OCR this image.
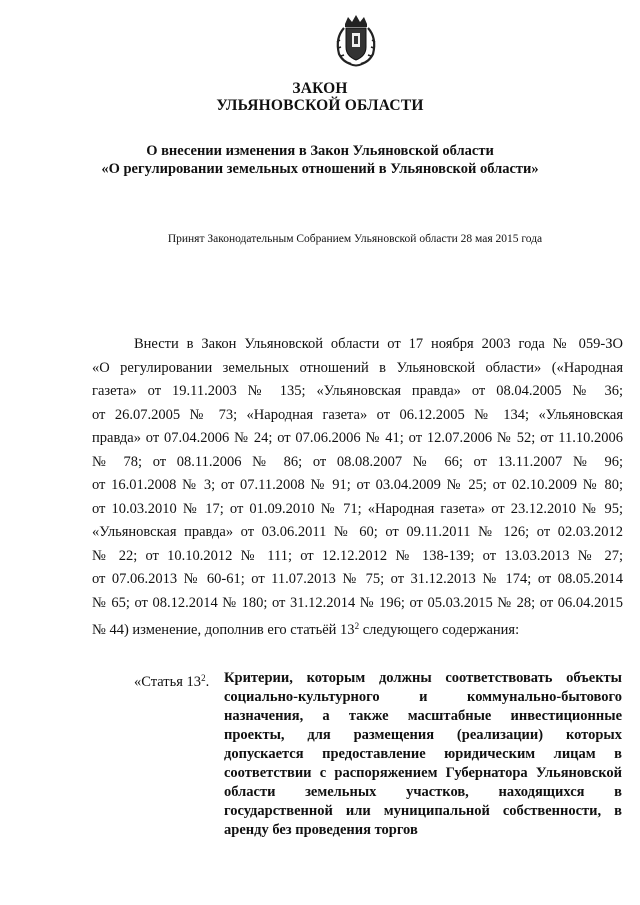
ЗАКОН
УЛЬЯНОВСКОЙ ОБЛАСТИ
О внесении изменения в Закон Ульяновской области
«О регулировании земельных отношений в Ульяновской области»
Принят Законодательным Собранием Ульяновской области 28 мая 2015 года
Внести в Закон Ульяновской области от 17 ноября 2003 года № 059-ЗО
«О регулировании земельных отношений в Ульяновской области» («Народная
газета» от 19.11.2003 № 135; «Ульяновская правда» от 08.04.2005 № 36;
от 26.07.2005 № 73; «Народная газета» от 06.12.2005 № 134; «Ульяновская
правда» от 07.04.2006 № 24; от 07.06.2006 № 41; от 12.07.2006 № 52; от 11.10.2006
№ 78; от 08.11.2006 № 86; от 08.08.2007 № 66; от 13.11.2007 № 96;
от 16.01.2008 № 3; от 07.11.2008 № 91; от 03.04.2009 № 25; от 02.10.2009 № 80;
от 10.03.2010 № 17; от 01.09.2010 № 71; «Народная газета» от 23.12.2010 № 95;
«Ульяновская правда» от 03.06.2011 № 60; от 09.11.2011 № 126; от 02.03.2012
№ 22; от 10.10.2012 № 111; от 12.12.2012 № 138-139; от 13.03.2013 № 27;
от 07.06.2013 № 60-61; от 11.07.2013 № 75; от 31.12.2013 № 174; от 08.05.2014
№ 65; от 08.12.2014 № 180; от 31.12.2014 № 196; от 05.03.2015 № 28; от 06.04.2015
№ 44) изменение, дополнив его статьёй $13^2$ следующего содержания:
«Статья $13^2$. Критерии, которым должны соответствовать объекты
социально-культурного и коммунально-бытового
назначения, а также масштабные инвестиционные
проекты, для размещения (реализации) которых
допускается предоставление юридическим лицам в
соответствии с распоряжением Губернатора Ульяновской
области земельных участков, находящихся в
государственной или муниципальной собственности, в
аренду без проведения торгов
